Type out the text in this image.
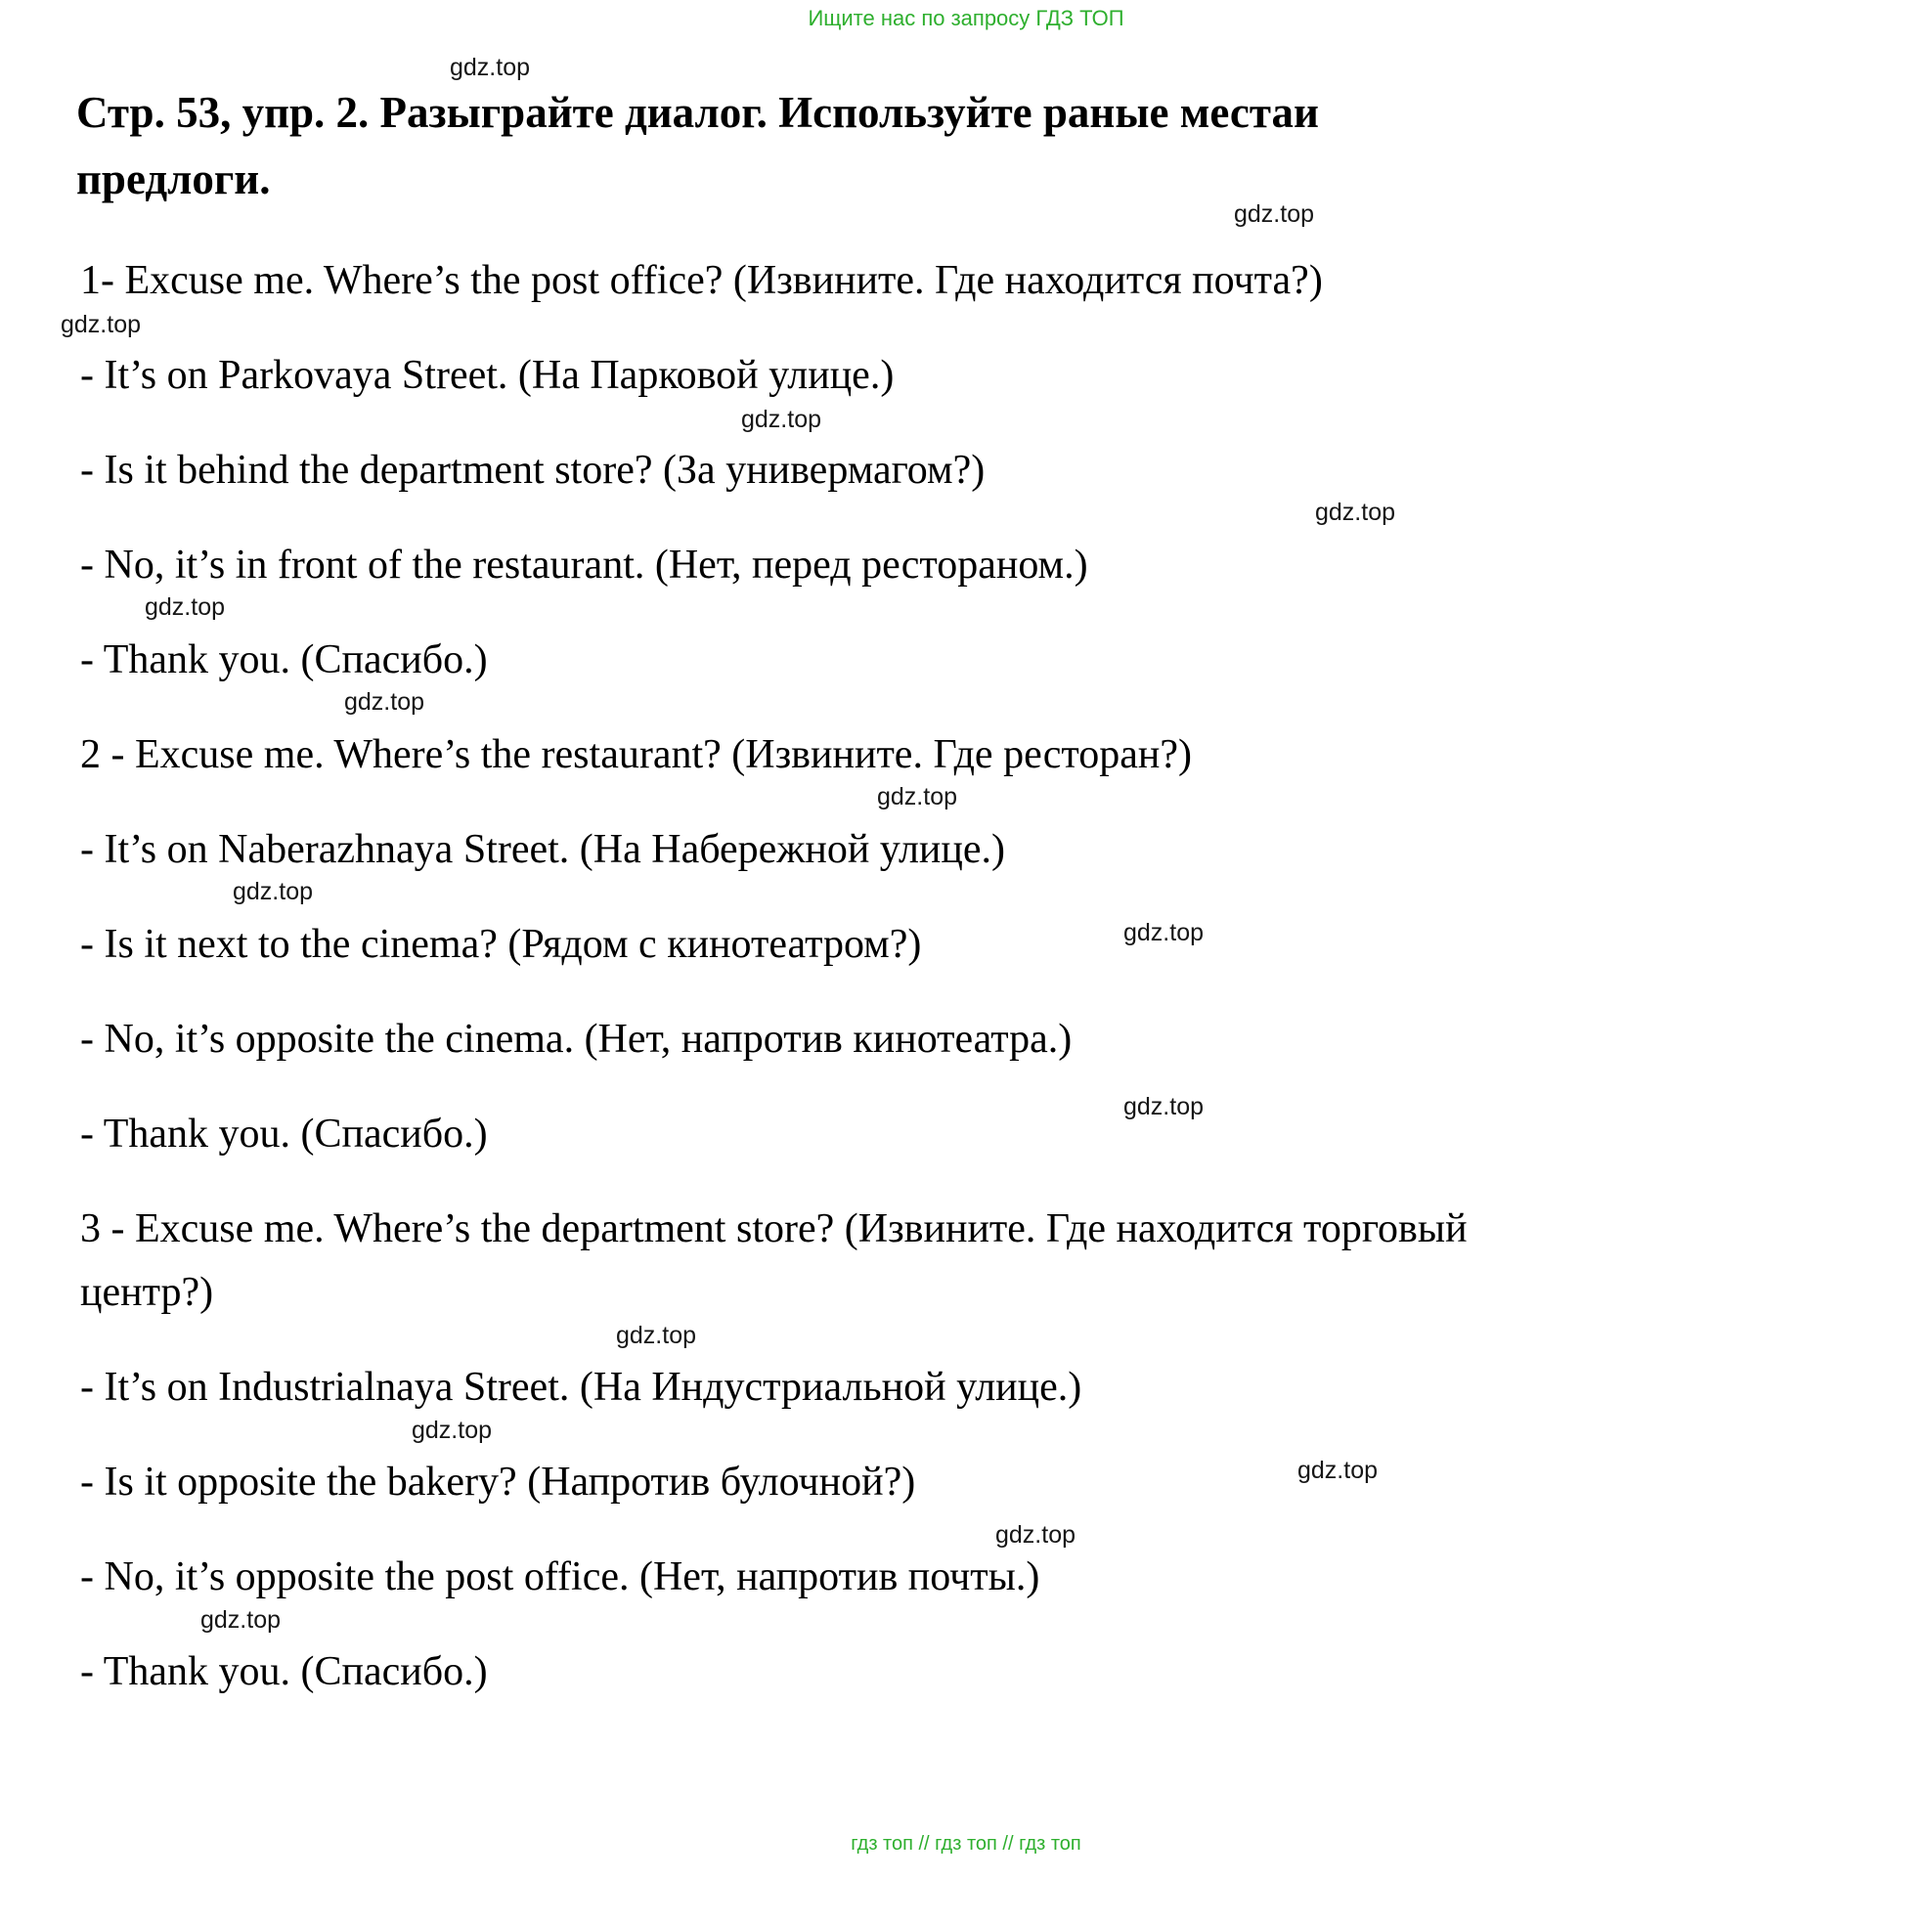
Ищите нас по запросу ГДЗ ТОП
Стр. 53, упр. 2. Разыграйте диалог. Используйте раные местаи предлоги.
1- Excuse me. Where’s the post office? (Извините. Где находится почта?)
- It’s on Parkovaya Street. (На Парковой улице.)
- Is it behind the department store? (За универмагом?)
- No, it’s in front of the restaurant. (Нет, перед рестораном.)
- Thank you. (Спасибо.)
2 - Excuse me. Where’s the restaurant? (Извините. Где ресторан?)
- It’s on Naberazhnaya Street. (На Набережной улице.)
- Is it next to the cinema? (Рядом с кинотеатром?)
- No, it’s opposite the cinema. (Нет, напротив кинотеатра.)
- Thank you. (Спасибо.)
3 - Excuse me. Where’s the department store? (Извините. Где находится торговый центр?)
- It’s on Industrialnaya Street. (На Индустриальной улице.)
- Is it opposite the bakery? (Напротив булочной?)
- No, it’s opposite the post office. (Нет, напротив почты.)
- Thank you. (Спасибо.)
gdz.top
gdz.top
gdz.top
gdz.top
gdz.top
gdz.top
gdz.top
gdz.top
gdz.top
gdz.top
gdz.top
gdz.top
gdz.top
gdz.top
gdz.top
gdz.top
гдз топ // гдз топ // гдз топ
